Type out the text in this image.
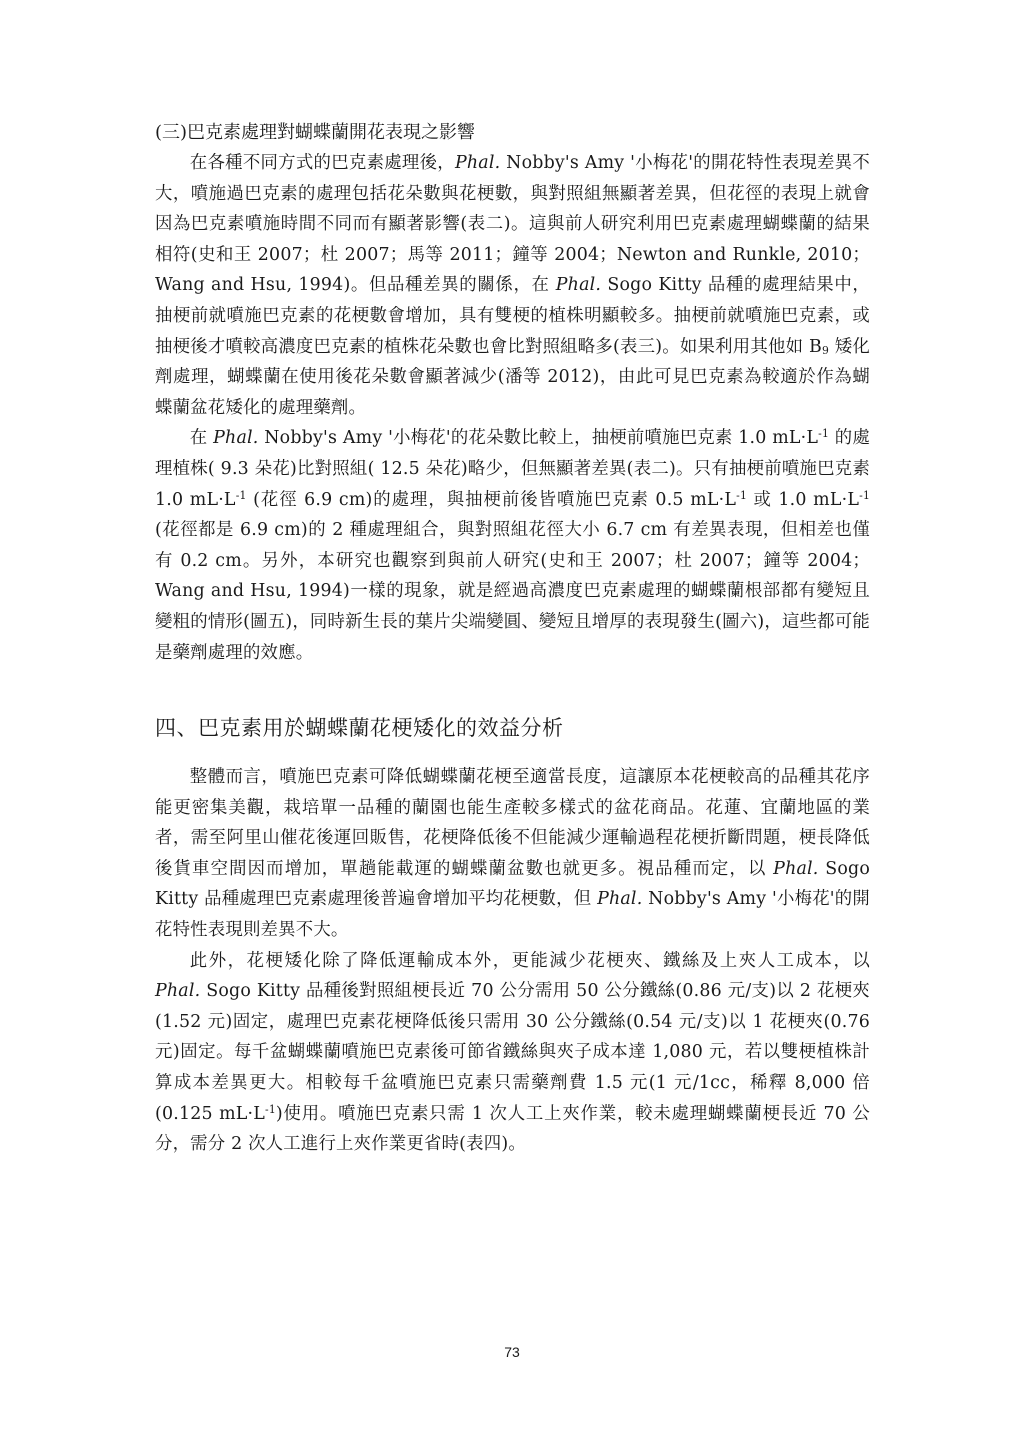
(三)巴克素處理對蝴蝶蘭開花表現之影響

在各種不同方式的巴克素處理後，Phal. Nobby's Amy '小梅花'的開花特性表現差異不大，噴施過巴克素的處理包括花朵數與花梗數，與對照組無顯著差異，但花徑的表現上就會因為巴克素噴施時間不同而有顯著影響(表二)。這與前人研究利用巴克素處理蝴蝶蘭的結果相符(史和王 2007；杜 2007；馬等 2011；鐘等 2004；Newton and Runkle, 2010；Wang and Hsu, 1994)。但品種差異的關係，在 Phal. Sogo Kitty 品種的處理結果中，抽梗前就噴施巴克素的花梗數會增加，具有雙梗的植株明顯較多。抽梗前就噴施巴克素，或抽梗後才噴較高濃度巴克素的植株花朵數也會比對照組略多(表三)。如果利用其他如 $B_9$ 矮化劑處理，蝴蝶蘭在使用後花朵數會顯著減少(潘等 2012)，由此可見巴克素為較適於作為蝴蝶蘭盆花矮化的處理藥劑。

在 Phal. Nobby's Amy '小梅花'的花朵數比較上，抽梗前噴施巴克素 1.0 $mL\cdot L^{-1}$ 的處理植株( 9.3 朵花)比對照組( 12.5 朵花)略少，但無顯著差異(表二)。只有抽梗前噴施巴克素 1.0 $mL\cdot L^{-1}$ (花徑 6.9 cm)的處理，與抽梗前後皆噴施巴克素 0.5 $mL\cdot L^{-1}$ 或 1.0 $mL\cdot L^{-1}$ (花徑都是 6.9 cm)的 2 種處理組合，與對照組花徑大小 6.7 cm 有差異表現，但相差也僅有 0.2 cm。另外，本研究也觀察到與前人研究(史和王 2007；杜 2007；鐘等 2004；Wang and Hsu, 1994)一樣的現象，就是經過高濃度巴克素處理的蝴蝶蘭根部都有變短且變粗的情形(圖五)，同時新生長的葉片尖端變圓、變短且增厚的表現發生(圖六)，這些都可能是藥劑處理的效應。

四、巴克素用於蝴蝶蘭花梗矮化的效益分析

整體而言，噴施巴克素可降低蝴蝶蘭花梗至適當長度，這讓原本花梗較高的品種其花序能更密集美觀，栽培單一品種的蘭園也能生產較多樣式的盆花商品。花蓮、宜蘭地區的業者，需至阿里山催花後運回販售，花梗降低後不但能減少運輸過程花梗折斷問題，梗長降低後貨車空間因而增加，單趟能載運的蝴蝶蘭盆數也就更多。視品種而定，以 Phal. Sogo Kitty 品種處理巴克素處理後普遍會增加平均花梗數，但 Phal. Nobby's Amy '小梅花'的開花特性表現則差異不大。

此外，花梗矮化除了降低運輸成本外，更能減少花梗夾、鐵絲及上夾人工成本，以 Phal. Sogo Kitty 品種後對照組梗長近 70 公分需用 50 公分鐵絲(0.86 元/支)以 2 花梗夾(1.52 元)固定，處理巴克素花梗降低後只需用 30 公分鐵絲(0.54 元/支)以 1 花梗夾(0.76 元)固定。每千盆蝴蝶蘭噴施巴克素後可節省鐵絲與夾子成本達 1,080 元，若以雙梗植株計算成本差異更大。相較每千盆噴施巴克素只需藥劑費 1.5 元(1 元/1cc，稀釋 8,000 倍(0.125 $mL\cdot L^{-1}$)使用。噴施巴克素只需 1 次人工上夾作業，較未處理蝴蝶蘭梗長近 70 公分，需分 2 次人工進行上夾作業更省時(表四)。

73
